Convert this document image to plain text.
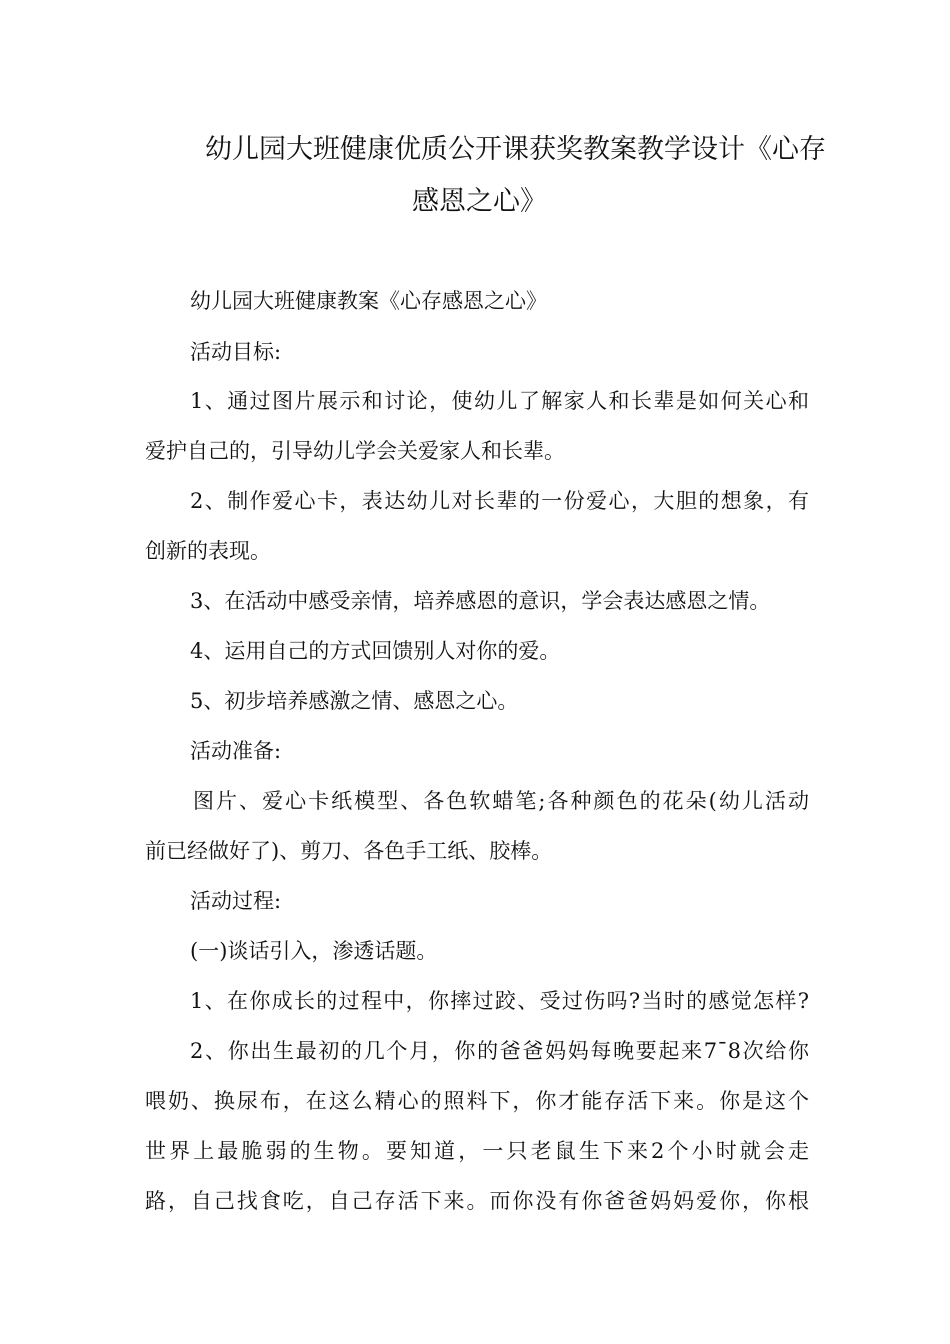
幼儿园大班健康优质公开课获奖教案教学设计《心存
感恩之心》
幼儿园大班健康教案《心存感恩之心》
活动目标:
1、通过图片展示和讨论，使幼儿了解家人和长辈是如何关心和
爱护自己的，引导幼儿学会关爱家人和长辈。
2、制作爱心卡，表达幼儿对长辈的一份爱心，大胆的想象，有
创新的表现。
3、在活动中感受亲情，培养感恩的意识，学会表达感恩之情。
4、运用自己的方式回馈别人对你的爱。
5、初步培养感激之情、感恩之心。
活动准备:
图片、爱心卡纸模型、各色软蜡笔;各种颜色的花朵(幼儿活动
前已经做好了)、剪刀、各色手工纸、胶棒。
活动过程:
(一)谈话引入，渗透话题。
1、在你成长的过程中，你摔过跤、受过伤吗?当时的感觉怎样?
2、你出生最初的几个月，你的爸爸妈妈每晚要起来7¯8次给你
喂奶、换尿布，在这么精心的照料下，你才能存活下来。你是这个
世界上最脆弱的生物。要知道，一只老鼠生下来2个小时就会走
路，自己找食吃，自己存活下来。而你没有你爸爸妈妈爱你，你根
